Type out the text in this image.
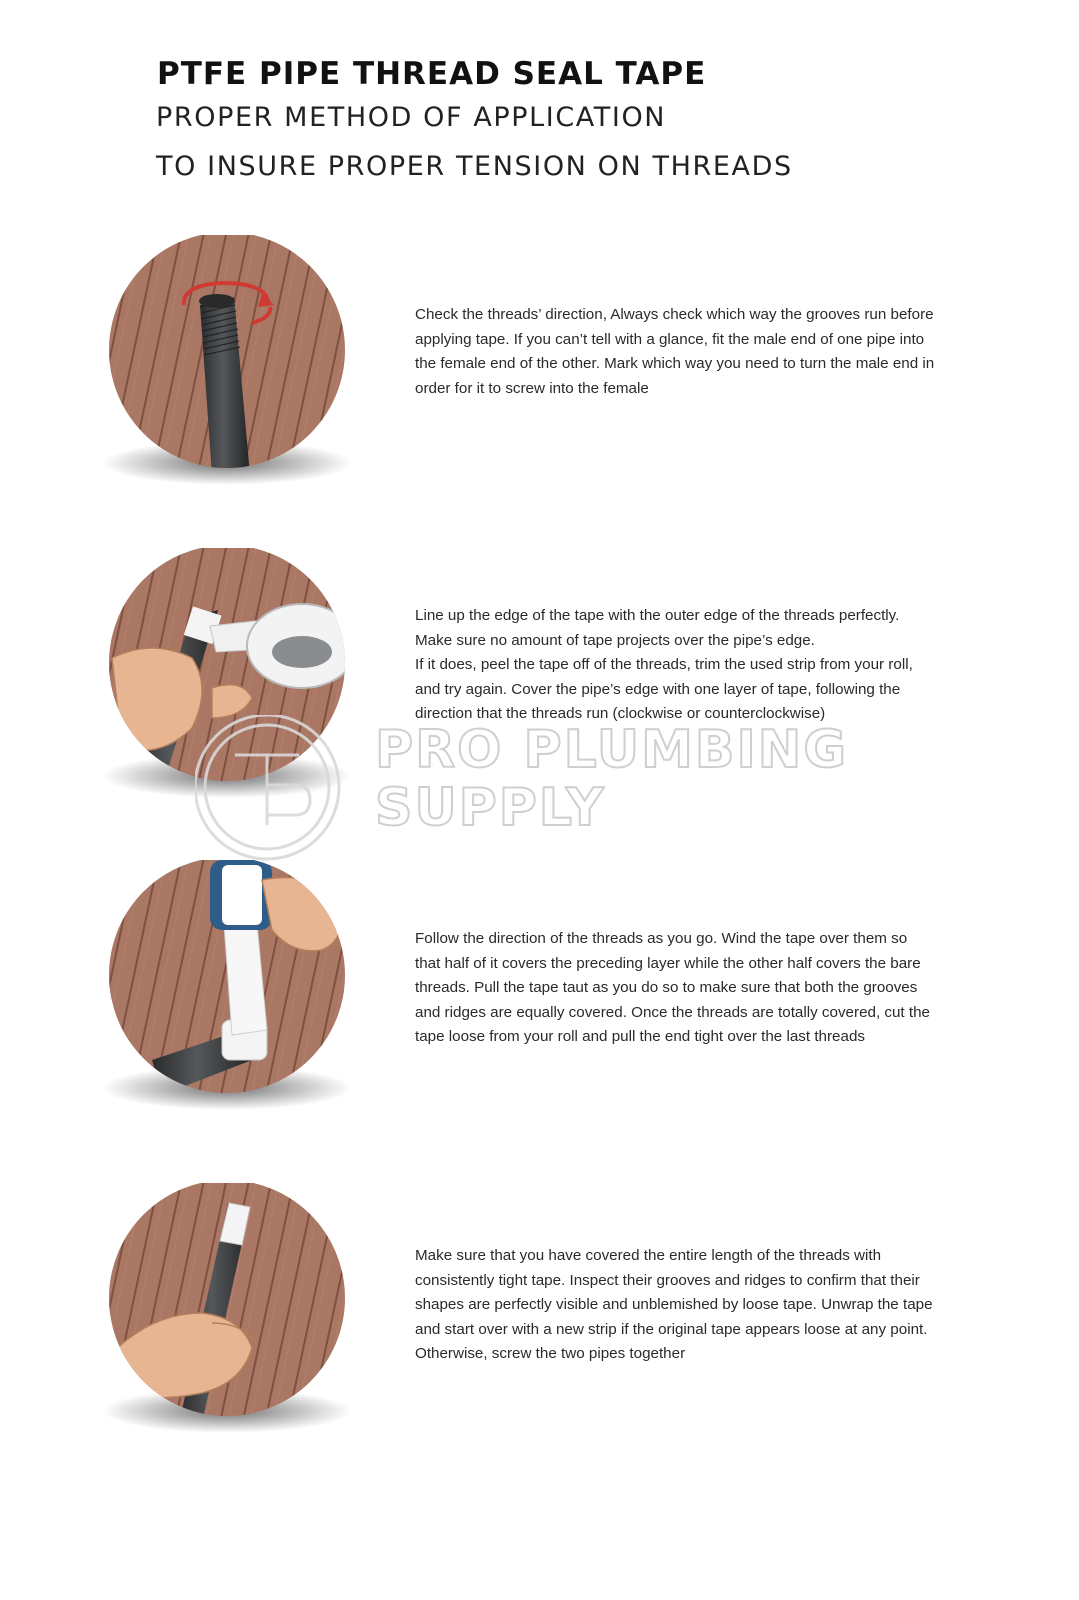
PTFE PIPE THREAD SEAL TAPE
PROPER METHOD OF APPLICATION
TO INSURE PROPER TENSION ON THREADS

Check the threads’ direction, Always check which way the grooves run before
applying tape. If you can’t tell with a glance, fit the male end of one pipe into
the female end of the other. Mark which way you need to turn the male end in
order for it to screw into the female

Line up the edge of the tape with the outer edge of the threads perfectly.
Make sure no amount of tape projects over the pipe’s edge.
If it does, peel the tape off of the threads, trim the used strip from your roll,
and try again. Cover the pipe’s edge with one layer of tape, following the
direction that the threads run (clockwise or counterclockwise)

Follow the direction of the threads as you go. Wind the tape over them so
that half of it covers the preceding layer while the other half covers the bare
threads. Pull the tape taut as you do so to make sure that both the grooves
and ridges are equally covered. Once the threads are totally covered, cut the
tape loose from your roll and pull the end tight over the last threads

Make sure that you have covered the entire length of the threads with
consistently tight tape. Inspect their grooves and ridges to confirm that their
shapes are perfectly visible and unblemished by loose tape. Unwrap the tape
and start over with a new strip if the original tape appears loose at any point.
Otherwise, screw the two pipes together

PRO PLUMBING
SUPPLY
